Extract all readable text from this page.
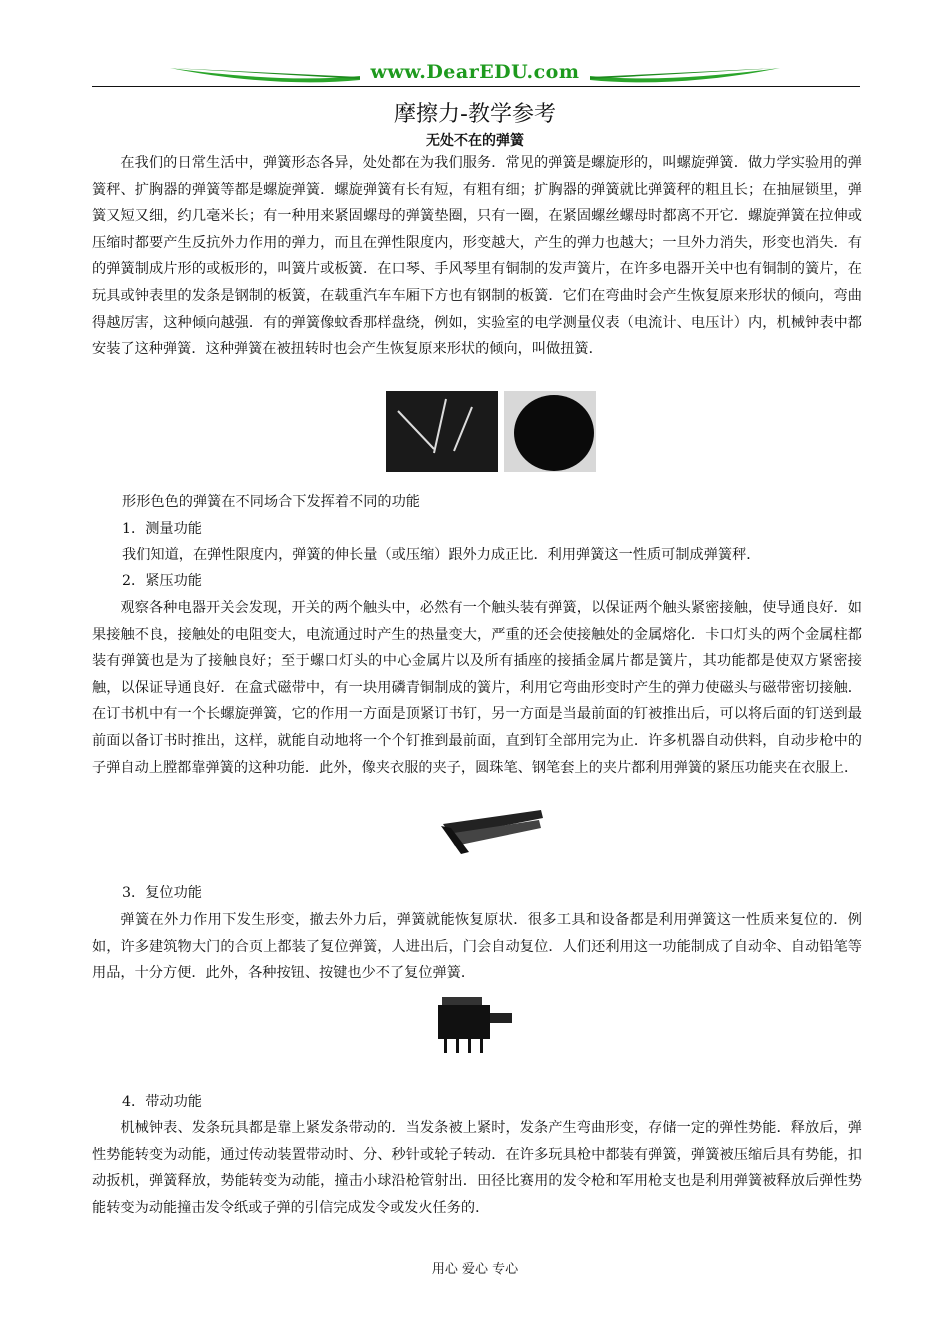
www.DearEDU.com
摩擦力-教学参考
无处不在的弹簧

在我们的日常生活中，弹簧形态各异，处处都在为我们服务．常见的弹簧是螺旋形的，叫螺旋弹簧．做力学实验用的弹簧秤、扩胸器的弹簧等都是螺旋弹簧．螺旋弹簧有长有短，有粗有细；扩胸器的弹簧就比弹簧秤的粗且长；在抽屉锁里，弹簧又短又细，约几毫米长；有一种用来紧固螺母的弹簧垫圈，只有一圈，在紧固螺丝螺母时都离不开它．螺旋弹簧在拉伸或压缩时都要产生反抗外力作用的弹力，而且在弹性限度内，形变越大，产生的弹力也越大；一旦外力消失，形变也消失．有的弹簧制成片形的或板形的，叫簧片或板簧．在口琴、手风琴里有铜制的发声簧片，在许多电器开关中也有铜制的簧片，在玩具或钟表里的发条是钢制的板簧，在载重汽车车厢下方也有钢制的板簧．它们在弯曲时会产生恢复原来形状的倾向，弯曲得越厉害，这种倾向越强．有的弹簧像蚊香那样盘绕，例如，实验室的电学测量仪表（电流计、电压计）内，机械钟表中都安装了这种弹簧．这种弹簧在被扭转时也会产生恢复原来形状的倾向，叫做扭簧．

形形色色的弹簧在不同场合下发挥着不同的功能

1．测量功能

我们知道，在弹性限度内，弹簧的伸长量（或压缩）跟外力成正比．利用弹簧这一性质可制成弹簧秤．

2．紧压功能

观察各种电器开关会发现，开关的两个触头中，必然有一个触头装有弹簧，以保证两个触头紧密接触，使导通良好．如果接触不良，接触处的电阻变大，电流通过时产生的热量变大，严重的还会使接触处的金属熔化．卡口灯头的两个金属柱都装有弹簧也是为了接触良好；至于螺口灯头的中心金属片以及所有插座的接插金属片都是簧片，其功能都是使双方紧密接触，以保证导通良好．在盒式磁带中，有一块用磷青铜制成的簧片，利用它弯曲形变时产生的弹力使磁头与磁带密切接触．在订书机中有一个长螺旋弹簧，它的作用一方面是顶紧订书钉，另一方面是当最前面的钉被推出后，可以将后面的钉送到最前面以备订书时推出，这样，就能自动地将一个个钉推到最前面，直到钉全部用完为止．许多机器自动供料，自动步枪中的子弹自动上膛都靠弹簧的这种功能．此外，像夹衣服的夹子，圆珠笔、钢笔套上的夹片都利用弹簧的紧压功能夹在衣服上．

3．复位功能

弹簧在外力作用下发生形变，撤去外力后，弹簧就能恢复原状．很多工具和设备都是利用弹簧这一性质来复位的．例如，许多建筑物大门的合页上都装了复位弹簧，人进出后，门会自动复位．人们还利用这一功能制成了自动伞、自动铅笔等用品，十分方便．此外，各种按钮、按键也少不了复位弹簧．

4．带动功能

机械钟表、发条玩具都是靠上紧发条带动的．当发条被上紧时，发条产生弯曲形变，存储一定的弹性势能．释放后，弹性势能转变为动能，通过传动装置带动时、分、秒针或轮子转动．在许多玩具枪中都装有弹簧，弹簧被压缩后具有势能，扣动扳机，弹簧释放，势能转变为动能，撞击小球沿枪管射出．田径比赛用的发令枪和军用枪支也是利用弹簧被释放后弹性势能转变为动能撞击发令纸或子弹的引信完成发令或发火任务的．

用心 爱心 专心
